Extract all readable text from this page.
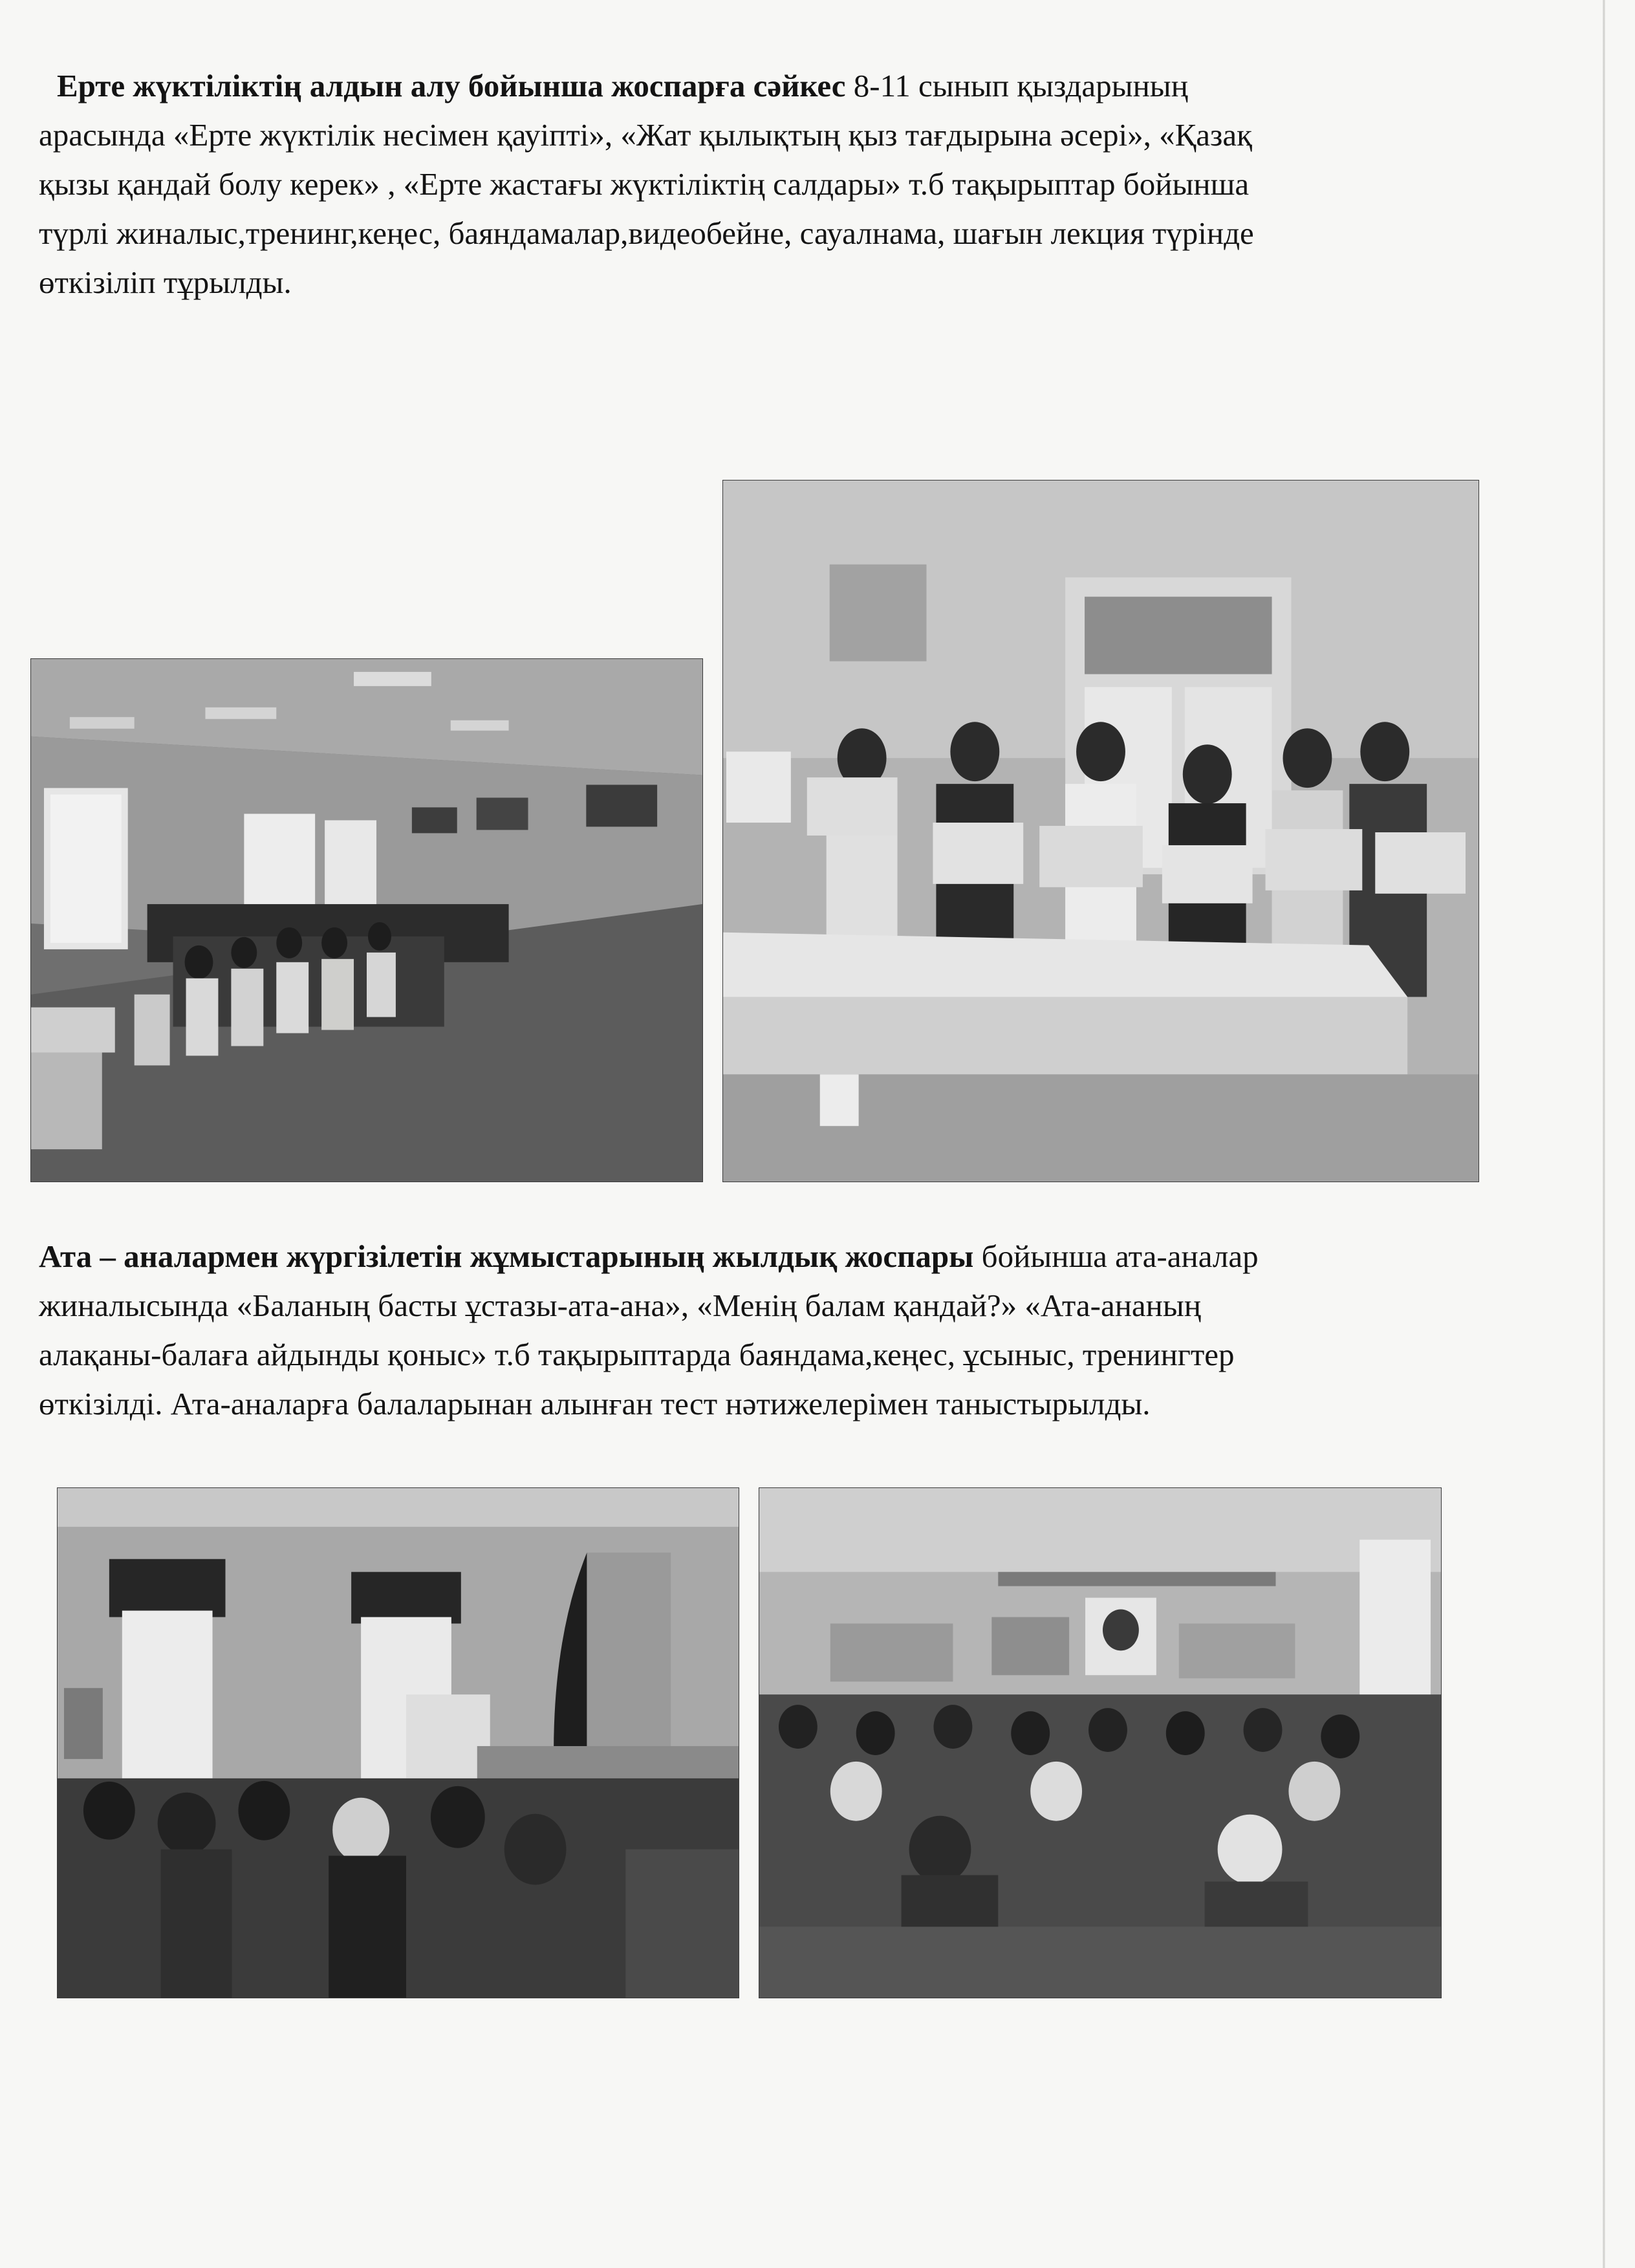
Ерте жүктіліктің алдын алу бойынша жоспарға сәйкес 8-11 сынып қыздарының
арасында «Ерте жүктілік несімен қауіпті», «Жат қылықтың қыз тағдырына әсері», «Қазақ
қызы қандай болу керек» , «Ерте жастағы жүктіліктің салдары» т.б тақырыптар бойынша
түрлі жиналыс,тренинг,кеңес, баяндамалар,видеобейне, сауалнама, шағын лекция түрінде
өткізіліп тұрылды.

Ата – аналармен жүргізілетін жұмыстарының жылдық жоспары бойынша ата-аналар
жиналысында «Баланың басты ұстазы-ата-ана», «Менің балам қандай?» «Ата-ананың
алақаны-балаға айдынды қоныс» т.б тақырыптарда баяндама,кеңес, ұсыныс, тренингтер
өткізілді. Ата-аналарға балаларынан алынған тест нәтижелерімен таныстырылды.
